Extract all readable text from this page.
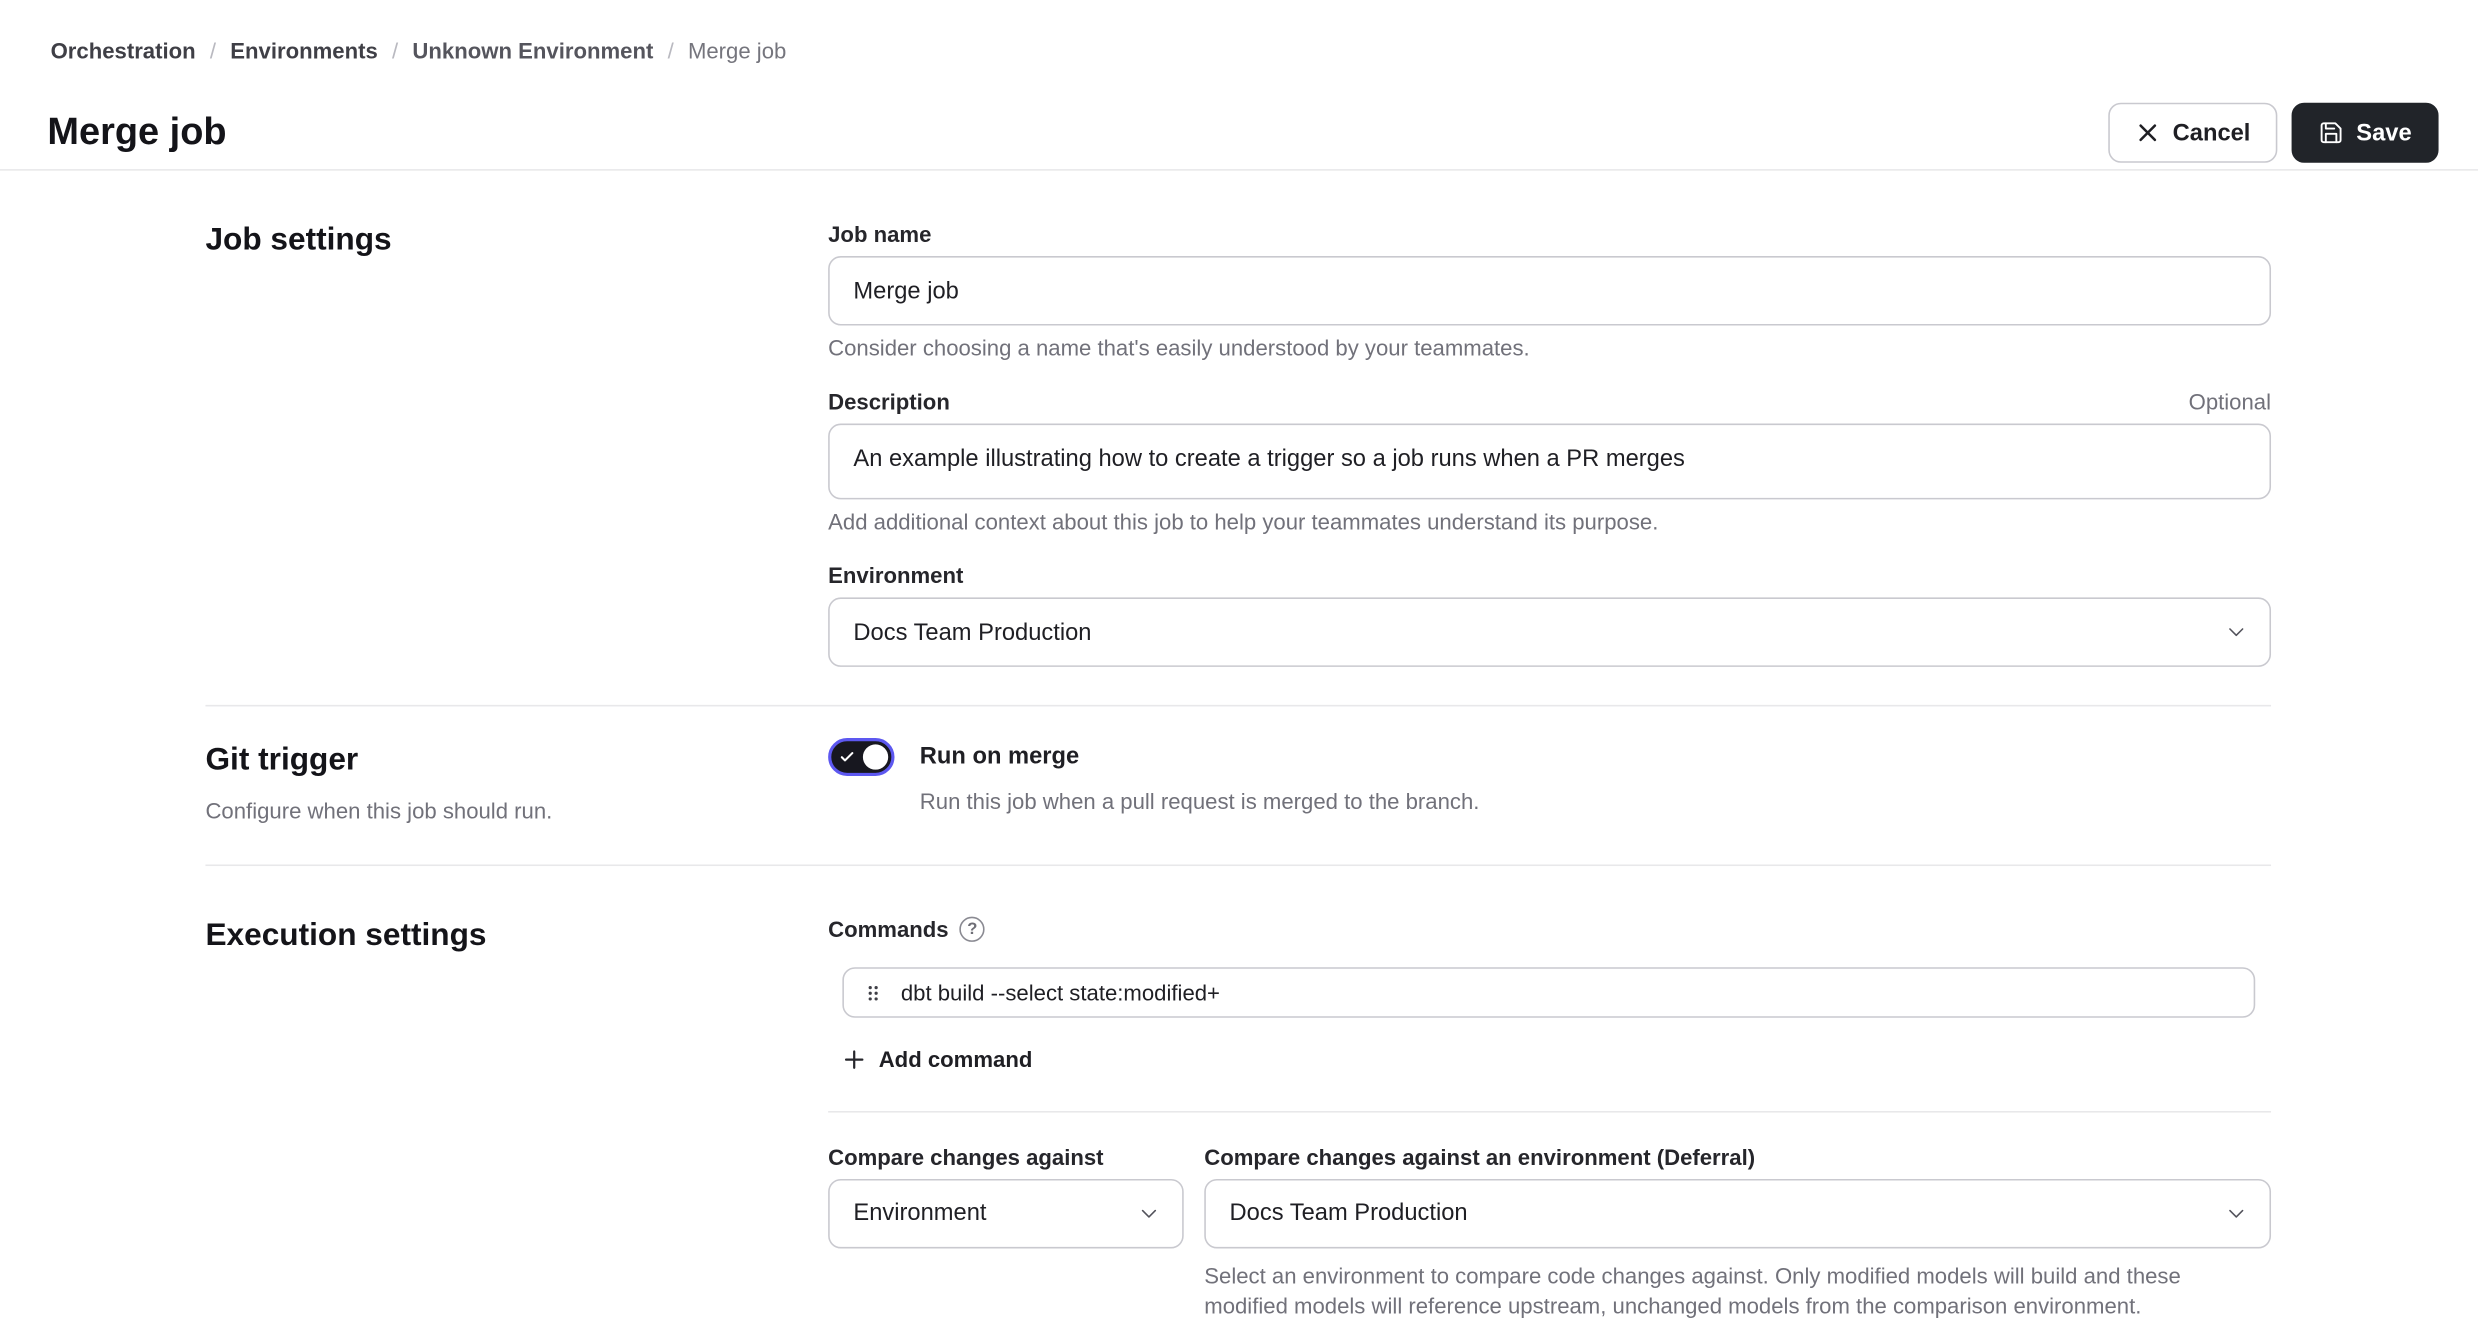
Orchestration / Environments / Unknown Environment / Merge job
Merge job	Cancel	Save
Job settings	Job name
Merge job
Consider choosing a name that's easily understood by your teammates.
Description	Optional
An example illustrating how to create a trigger so a job runs when a PR merges
Add additional context about this job to help your teammates understand its purpose.
Environment
Docs Team Production
Git trigger
Configure when this job should run.
Run on merge
Run this job when a pull request is merged to the branch.
Execution settings	Commands	?
dbt build --select state:modified+
Add command
Compare changes against
Environment
Compare changes against an environment (Deferral)
Docs Team Production
Select an environment to compare code changes against. Only modified models will build and these modified models will reference upstream, unchanged models from the comparison environment.
